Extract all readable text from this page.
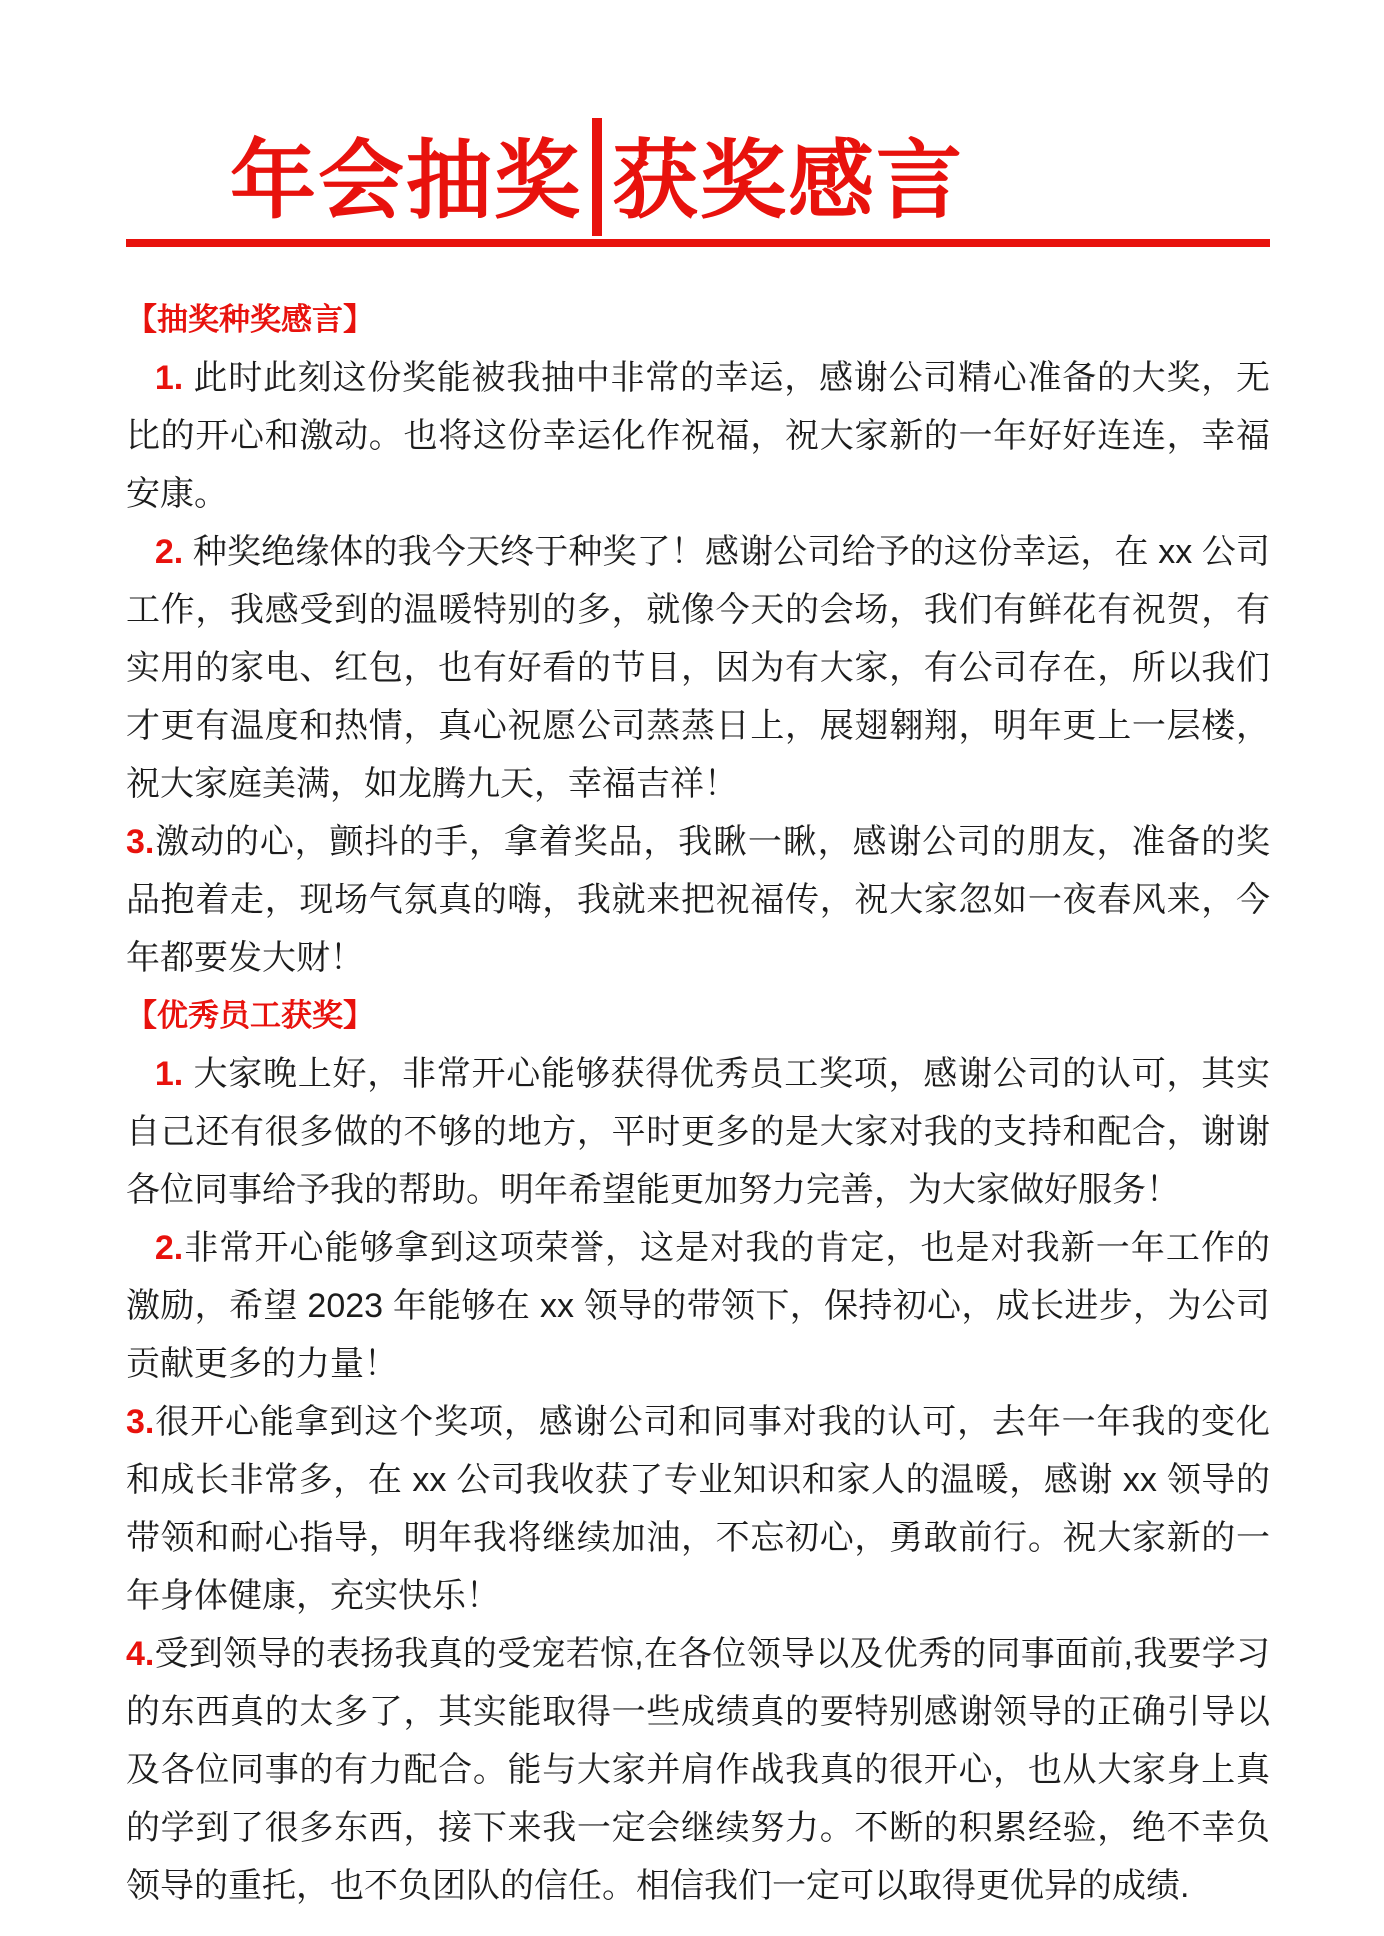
年会抽奖 获奖感言
【抽奖种奖感言】

1. 此时此刻这份奖能被我抽中非常的幸运，感谢公司精心准备的大奖，无比的开心和激动。也将这份幸运化作祝福，祝大家新的一年好好连连，幸福安康。

2. 种奖绝缘体的我今天终于种奖了！感谢公司给予的这份幸运，在 xx 公司工作，我感受到的温暖特别的多，就像今天的会场，我们有鲜花有祝贺，有实用的家电、红包，也有好看的节目，因为有大家，有公司存在，所以我们才更有温度和热情，真心祝愿公司蒸蒸日上，展翅翱翔，明年更上一层楼，祝大家庭美满，如龙腾九天，幸福吉祥！

3.激动的心，颤抖的手，拿着奖品，我瞅一瞅，感谢公司的朋友，准备的奖品抱着走，现场气氛真的嗨，我就来把祝福传，祝大家忽如一夜春风来，今年都要发大财！

【优秀员工获奖】

1. 大家晚上好，非常开心能够获得优秀员工奖项，感谢公司的认可，其实自己还有很多做的不够的地方，平时更多的是大家对我的支持和配合，谢谢各位同事给予我的帮助。明年希望能更加努力完善，为大家做好服务！

2.非常开心能够拿到这项荣誉，这是对我的肯定，也是对我新一年工作的激励，希望 2023 年能够在 xx 领导的带领下，保持初心，成长进步，为公司贡献更多的力量！

3.很开心能拿到这个奖项，感谢公司和同事对我的认可，去年一年我的变化和成长非常多，在 xx 公司我收获了专业知识和家人的温暖，感谢 xx 领导的带领和耐心指导，明年我将继续加油，不忘初心，勇敢前行。祝大家新的一年身体健康，充实快乐！

4.受到领导的表扬我真的受宠若惊,在各位领导以及优秀的同事面前,我要学习的东西真的太多了，其实能取得一些成绩真的要特别感谢领导的正确引导以及各位同事的有力配合。能与大家并肩作战我真的很开心，也从大家身上真的学到了很多东西，接下来我一定会继续努力。不断的积累经验，绝不幸负领导的重托，也不负团队的信任。相信我们一定可以取得更优异的成绩.
